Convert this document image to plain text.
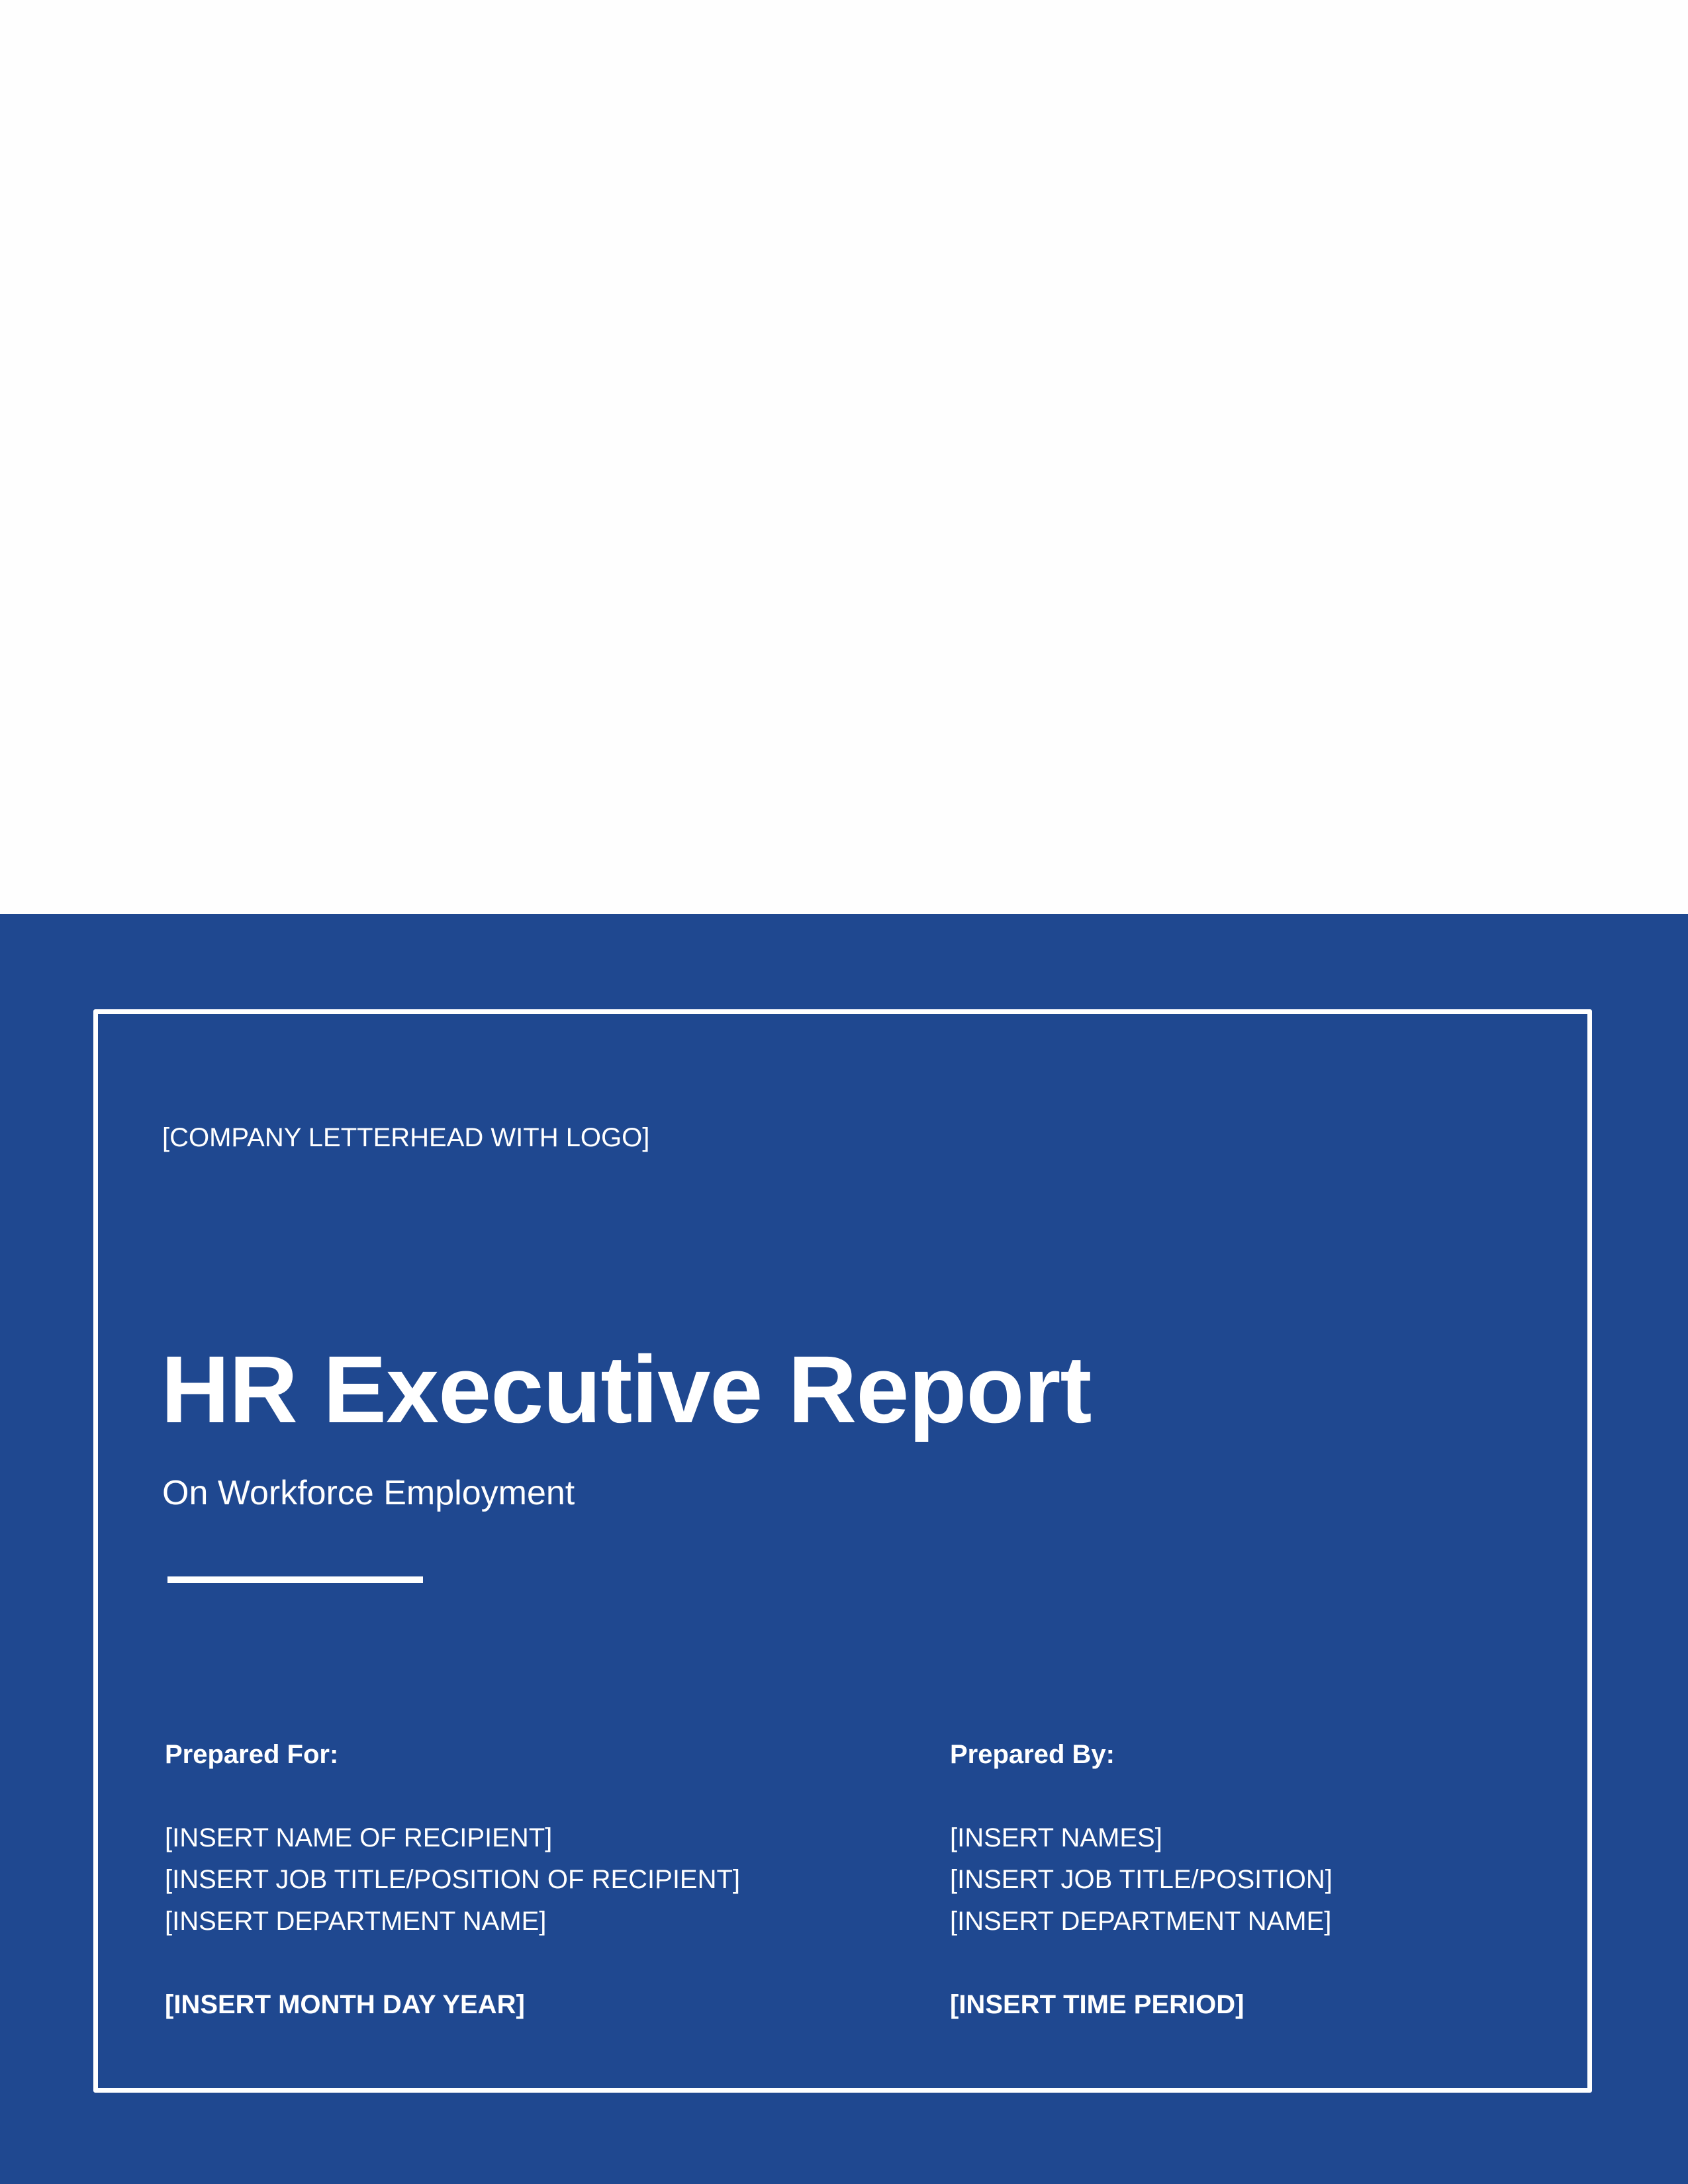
[COMPANY LETTERHEAD WITH LOGO]
HR Executive Report
On Workforce Employment
Prepared For:
[INSERT NAME OF RECIPIENT]
[INSERT JOB TITLE/POSITION OF RECIPIENT]
[INSERT DEPARTMENT NAME]
[INSERT MONTH DAY YEAR]
Prepared By:
[INSERT NAMES]
[INSERT JOB TITLE/POSITION]
[INSERT DEPARTMENT NAME]
[INSERT TIME PERIOD]
